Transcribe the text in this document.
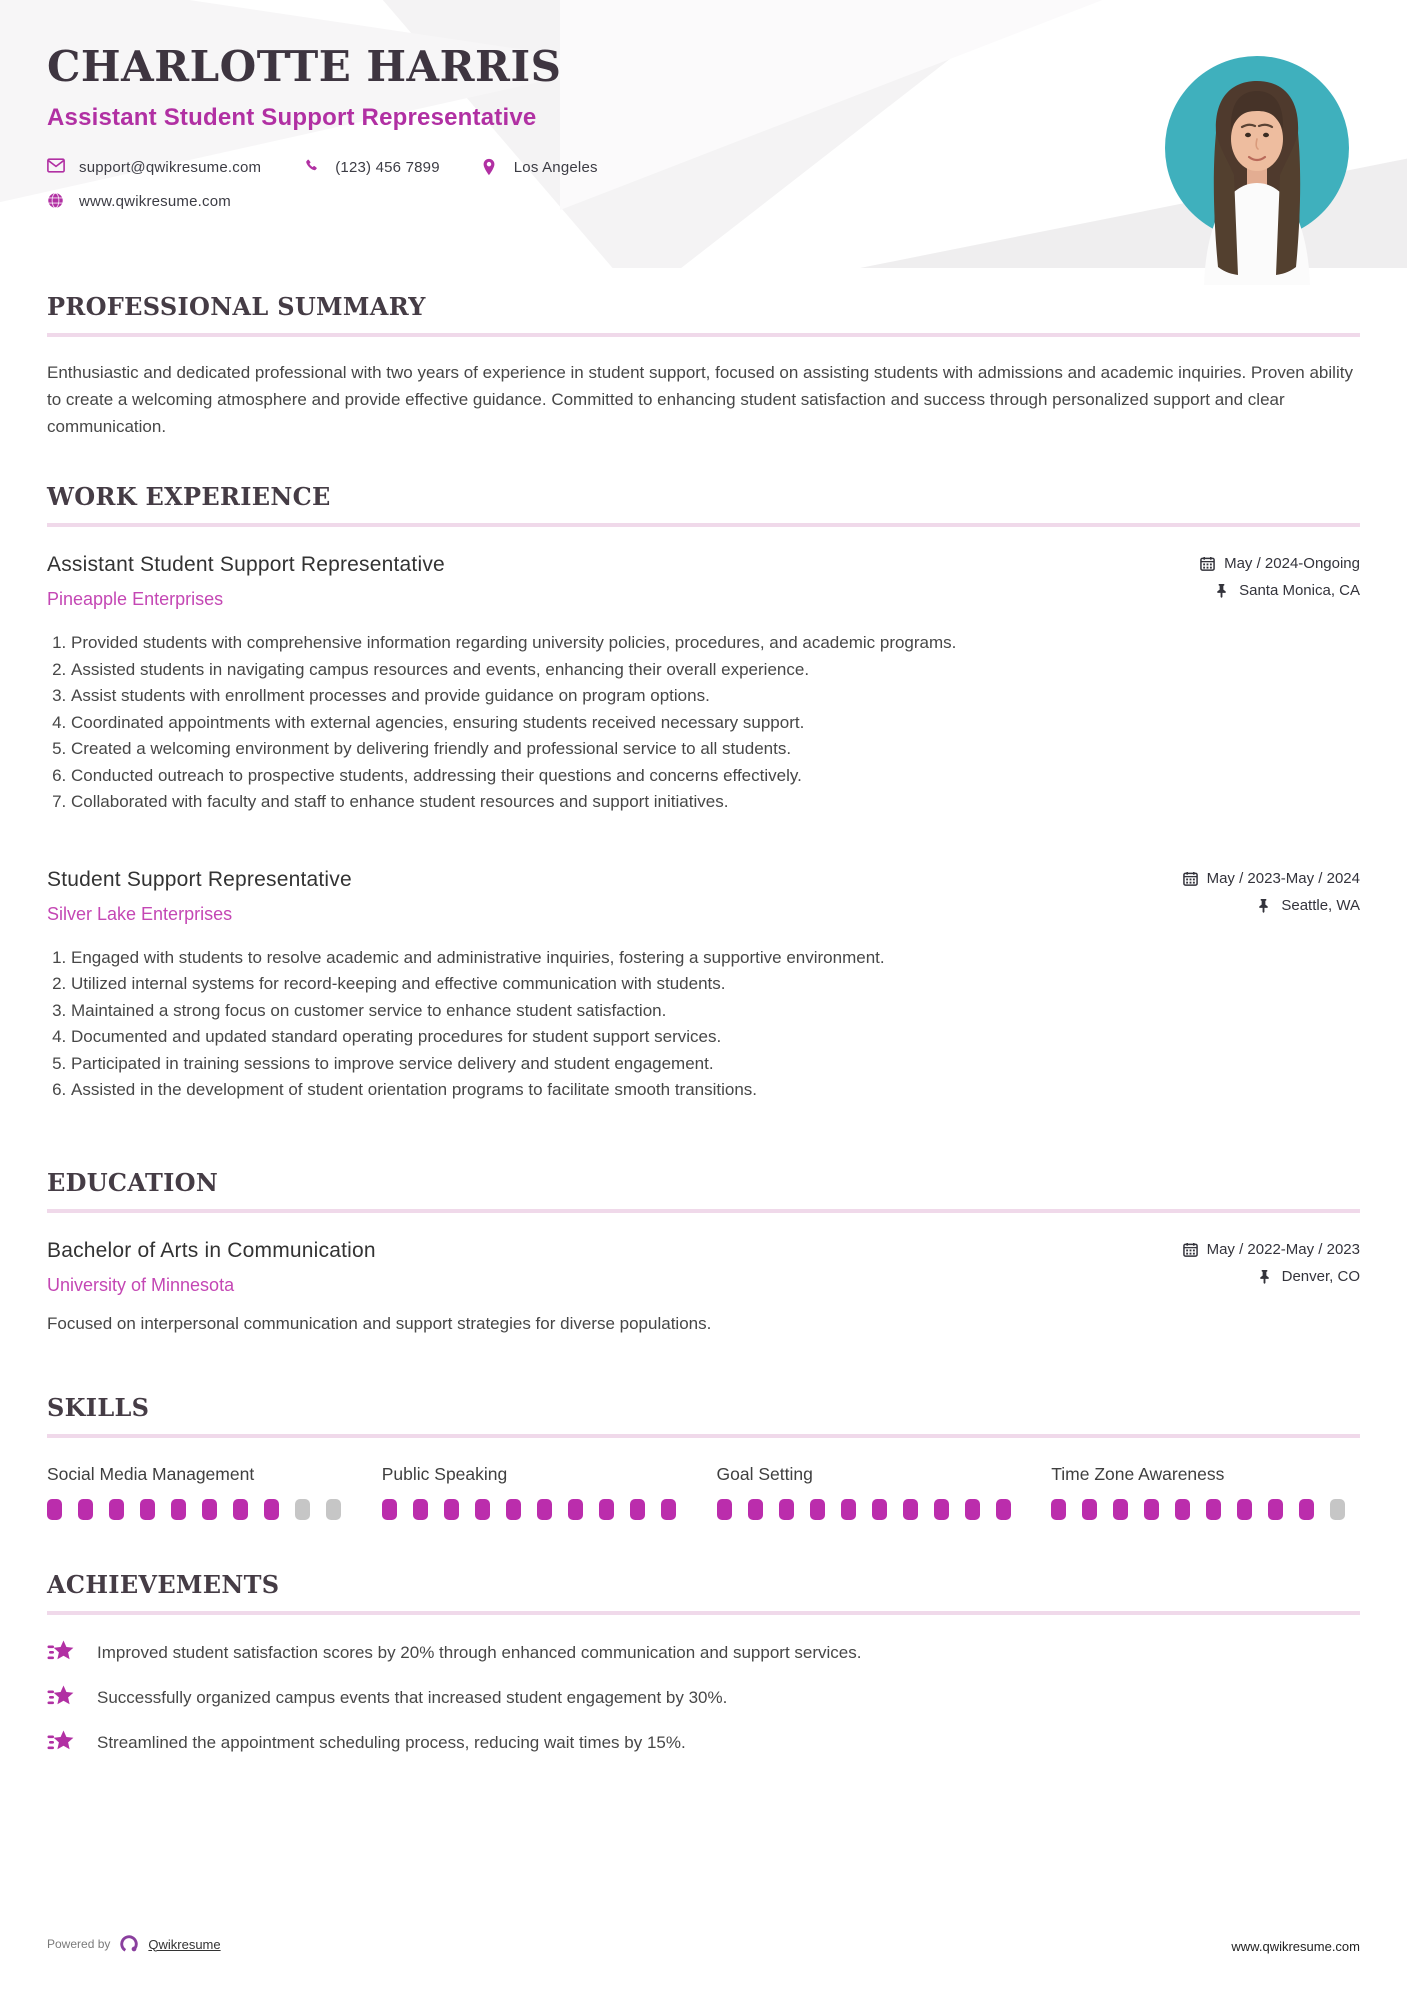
CHARLOTTE HARRIS
Assistant Student Support Representative
support@qwikresume.com	(123) 456 7899	Los Angeles
www.qwikresume.com
PROFESSIONAL SUMMARY

Enthusiastic and dedicated professional with two years of experience in student support, focused on assisting students with admissions and academic inquiries. Proven ability to create a welcoming atmosphere and provide effective guidance. Committed to enhancing student satisfaction and success through personalized support and clear communication.

WORK EXPERIENCE
Assistant Student Support Representative
Pineapple Enterprises
May / 2024-Ongoing
Santa Monica, CA
1. Provided students with comprehensive information regarding university policies, procedures, and academic programs.
2. Assisted students in navigating campus resources and events, enhancing their overall experience.
3. Assist students with enrollment processes and provide guidance on program options.
4. Coordinated appointments with external agencies, ensuring students received necessary support.
5. Created a welcoming environment by delivering friendly and professional service to all students.
6. Conducted outreach to prospective students, addressing their questions and concerns effectively.
7. Collaborated with faculty and staff to enhance student resources and support initiatives.
Student Support Representative
Silver Lake Enterprises
May / 2023-May / 2024
Seattle, WA
1. Engaged with students to resolve academic and administrative inquiries, fostering a supportive environment.
2. Utilized internal systems for record-keeping and effective communication with students.
3. Maintained a strong focus on customer service to enhance student satisfaction.
4. Documented and updated standard operating procedures for student support services.
5. Participated in training sessions to improve service delivery and student engagement.
6. Assisted in the development of student orientation programs to facilitate smooth transitions.
EDUCATION
Bachelor of Arts in Communication
University of Minnesota
May / 2022-May / 2023
Denver, CO

Focused on interpersonal communication and support strategies for diverse populations.

SKILLS
Social Media Management	Public Speaking	Goal Setting	Time Zone Awareness
ACHIEVEMENTS
Improved student satisfaction scores by 20% through enhanced communication and support services.
Successfully organized campus events that increased student engagement by 30%.
Streamlined the appointment scheduling process, reducing wait times by 15%.
Powered by	Qwikresume	www.qwikresume.com
